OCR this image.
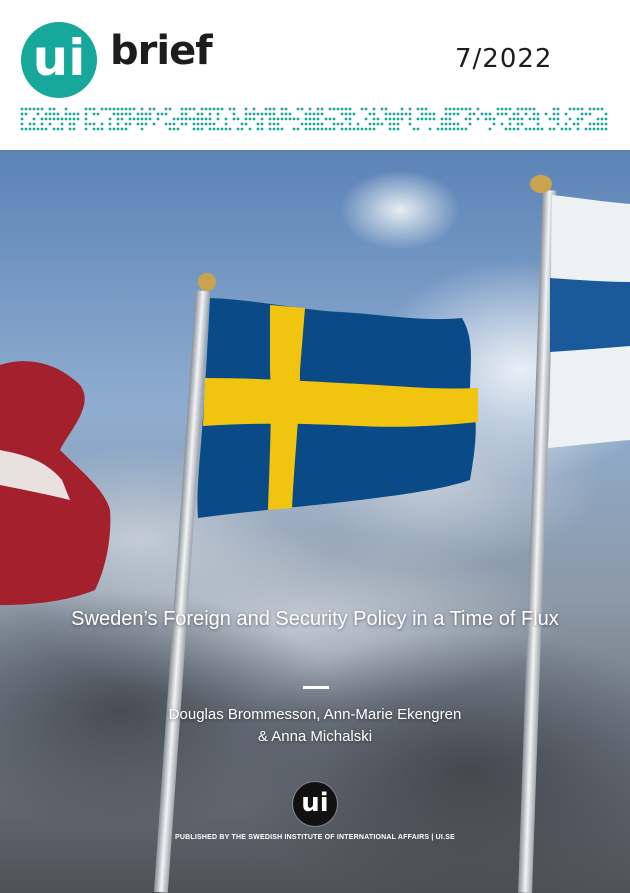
ui brief	7/2022
Sweden’s Foreign and Security Policy in a Time of Flux
Douglas Brommesson, Ann-Marie Ekengren
& Anna Michalski
ui
PUBLISHED BY THE SWEDISH INSTITUTE OF INTERNATIONAL AFFAIRS | UI.SE
